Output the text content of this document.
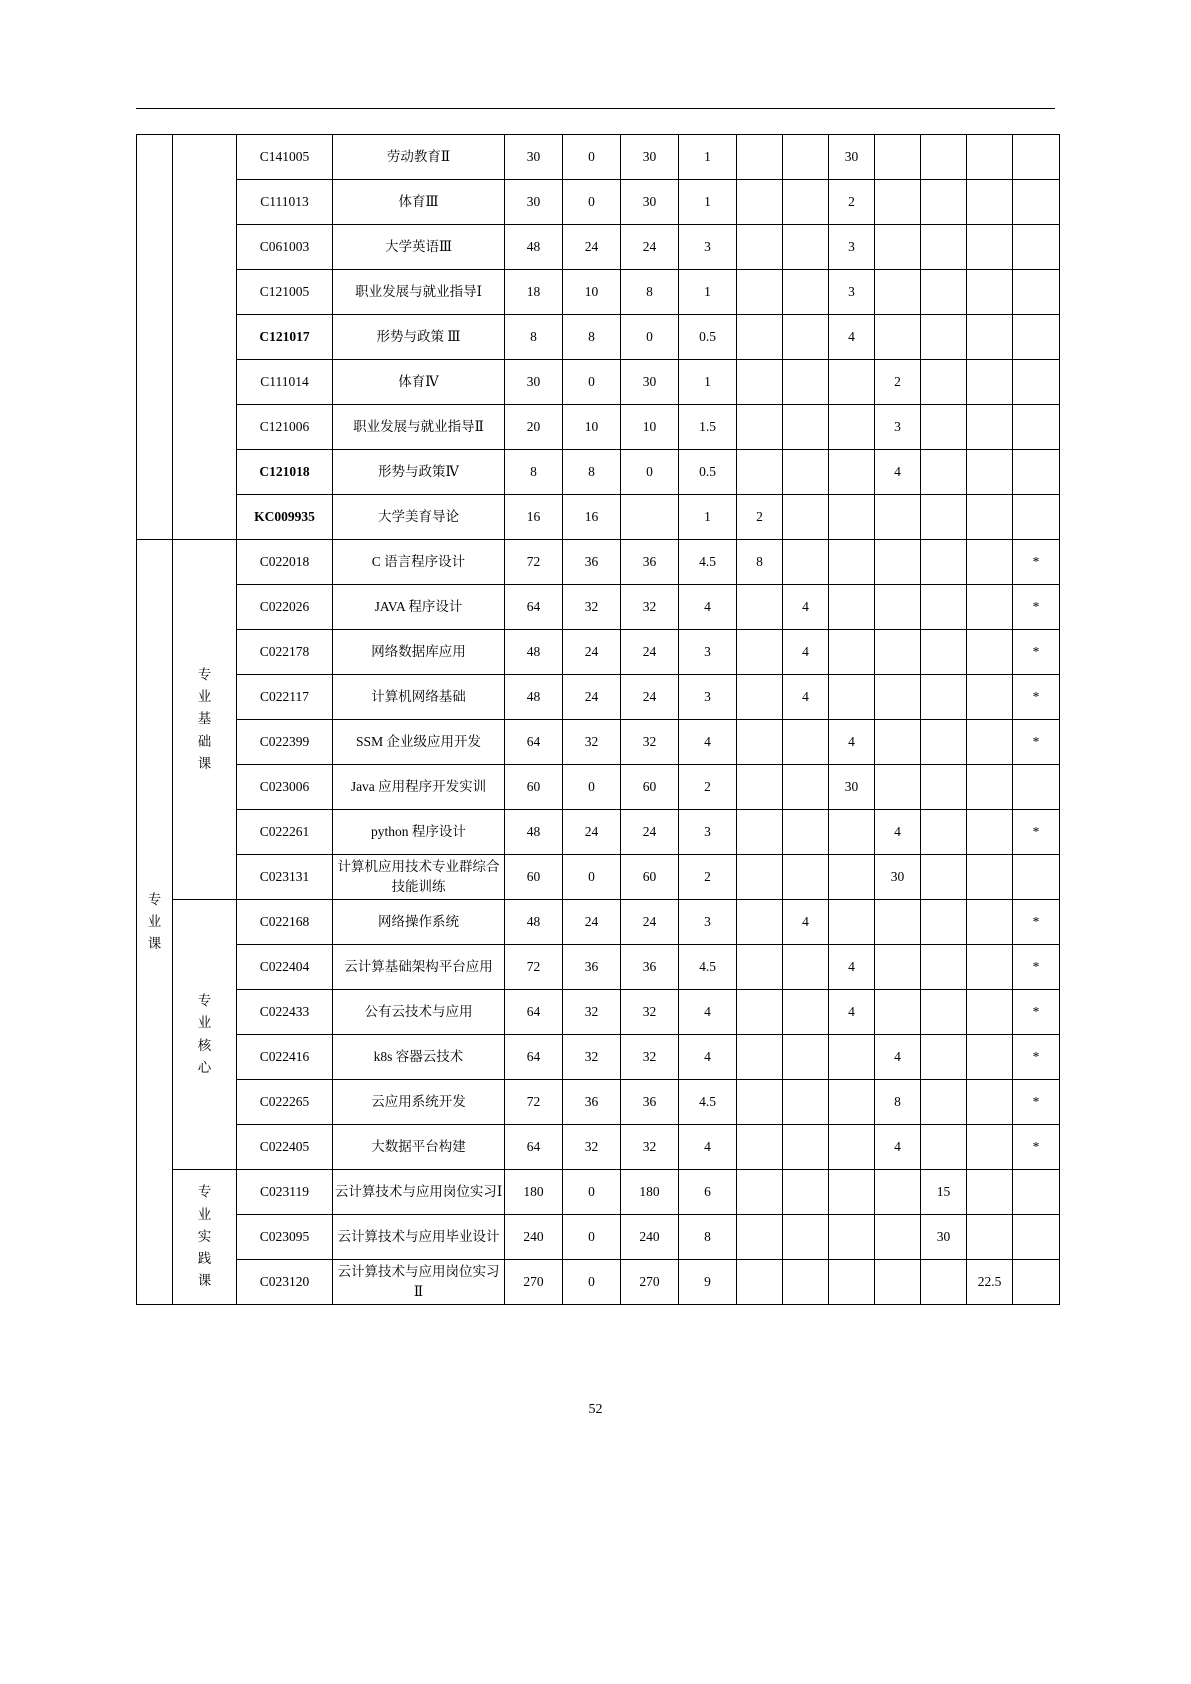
		C141005	劳动教育Ⅱ	30	0	30	1			30				
		C111013	体育Ⅲ	30	0	30	1			2				
		C061003	大学英语Ⅲ	48	24	24	3			3				
		C121005	职业发展与就业指导Ⅰ	18	10	8	1			3				
		C121017	形势与政策 Ⅲ	8	8	0	0.5			4				
		C111014	体育Ⅳ	30	0	30	1				2			
		C121006	职业发展与就业指导Ⅱ	20	10	10	1.5				3			
		C121018	形势与政策Ⅳ	8	8	0	0.5				4			
		KC009935	大学美育导论	16	16		1	2						

专
业
课	专
业
基
础
课	C022018	C 语言程序设计	72	36	36	4.5	8						*
		C022026	JAVA 程序设计	64	32	32	4		4					*
		C022178	网络数据库应用	48	24	24	3		4					*
		C022117	计算机网络基础	48	24	24	3		4					*
		C022399	SSM 企业级应用开发	64	32	32	4			4				*
		C023006	Java 应用程序开发实训	60	0	60	2			30				
		C022261	python 程序设计	48	24	24	3				4			*
		C023131	计算机应用技术专业群综合技能训练	60	0	60	2				30			

	专
业
核
心	C022168	网络操作系统	48	24	24	3		4					*
		C022404	云计算基础架构平台应用	72	36	36	4.5			4				*
		C022433	公有云技术与应用	64	32	32	4			4				*
		C022416	k8s 容器云技术	64	32	32	4				4			*
		C022265	云应用系统开发	72	36	36	4.5				8			*
		C022405	大数据平台构建	64	32	32	4				4			*

	专
业
实
践
课	C023119	云计算技术与应用岗位实习Ⅰ	180	0	180	6					15		
		C023095	云计算技术与应用毕业设计	240	0	240	8					30		
		C023120	云计算技术与应用岗位实习Ⅱ	270	0	270	9						22.5	
52
